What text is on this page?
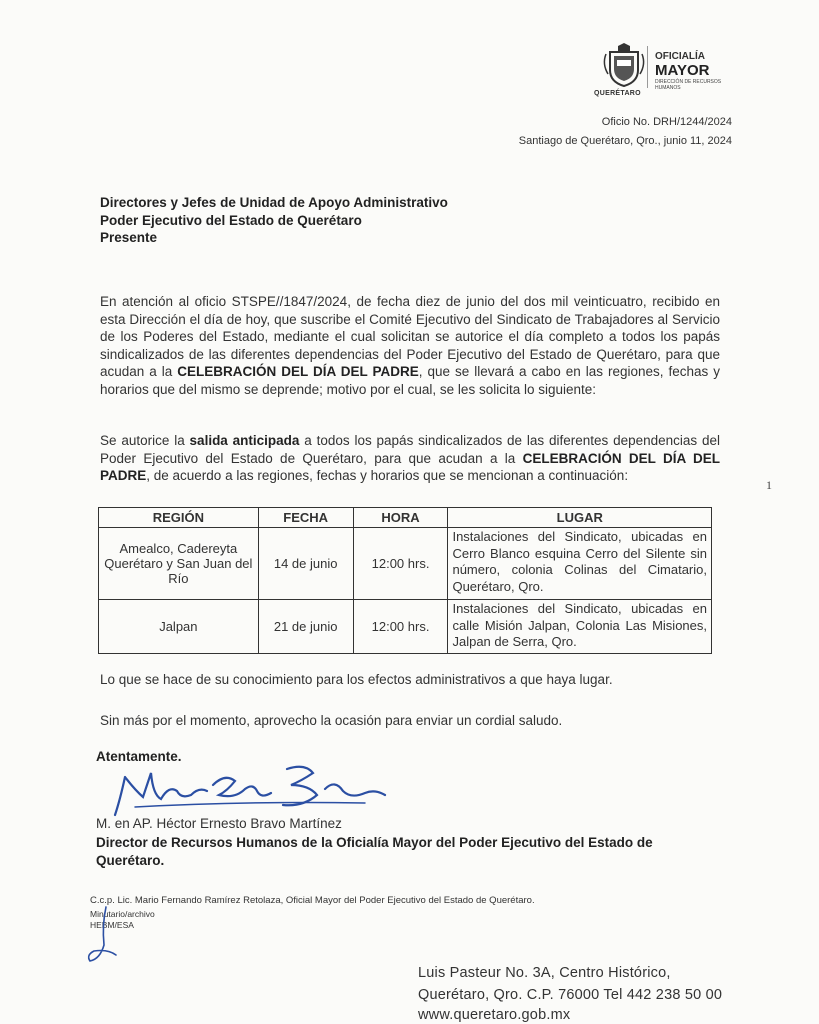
QUERÉTARO
OFICIALÍA
MAYOR
DIRECCIÓN DE RECURSOS HUMANOS
Oficio No. DRH/1244/2024
Santiago de Querétaro, Qro., junio 11, 2024
Directores y Jefes de Unidad de Apoyo Administrativo
Poder Ejecutivo del Estado de Querétaro
Presente
En atención al oficio STSPE//1847/2024, de fecha diez de junio del dos mil veinticuatro, recibido en esta Dirección el día de hoy, que suscribe el Comité Ejecutivo del Sindicato de Trabajadores al Servicio de los Poderes del Estado, mediante el cual solicitan se autorice el día completo a todos los papás sindicalizados de las diferentes dependencias del Poder Ejecutivo del Estado de Querétaro, para que acudan a la CELEBRACIÓN DEL DÍA DEL PADRE, que se llevará a cabo en las regiones, fechas y horarios que del mismo se deprende; motivo por el cual, se les solicita lo siguiente:
Se autorice la salida anticipada a todos los papás sindicalizados de las diferentes dependencias del Poder Ejecutivo del Estado de Querétaro, para que acudan a la CELEBRACIÓN DEL DÍA DEL PADRE, de acuerdo a las regiones, fechas y horarios que se mencionan a continuación:
1
REGIÓN	FECHA	HORA	LUGAR
Amealco, Cadereyta Querétaro y San Juan del Río	14 de junio	12:00 hrs.	Instalaciones del Sindicato, ubicadas en Cerro Blanco esquina Cerro del Silente sin número, colonia Colinas del Cimatario, Querétaro, Qro.
Jalpan	21 de junio	12:00 hrs.	Instalaciones del Sindicato, ubicadas en calle Misión Jalpan, Colonia Las Misiones, Jalpan de Serra, Qro.
Lo que se hace de su conocimiento para los efectos administrativos a que haya lugar.
Sin más por el momento, aprovecho la ocasión para enviar un cordial saludo.
Atentamente.
M. en AP. Héctor Ernesto Bravo Martínez
Director de Recursos Humanos de la Oficialía Mayor del Poder Ejecutivo del Estado de Querétaro.
C.c.p. Lic. Mario Fernando Ramírez Retolaza, Oficial Mayor del Poder Ejecutivo del Estado de Querétaro.
Minutario/archivo
HEBM/ESA
Luis Pasteur No. 3A, Centro Histórico,
Querétaro, Qro. C.P. 76000 Tel 442 238 50 00
www.queretaro.gob.mx
